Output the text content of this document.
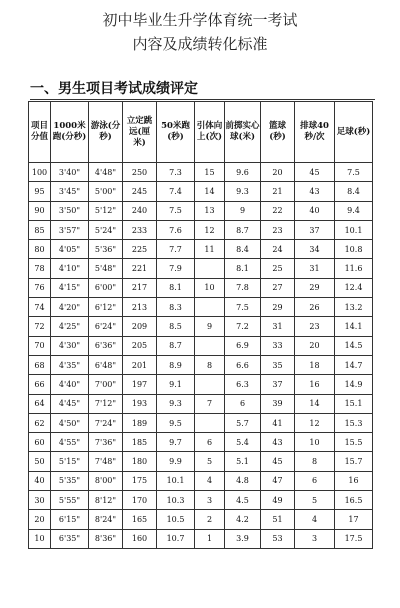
初中毕业生升学体育统一考试
内容及成绩转化标准
一、男生项目考试成绩评定
项目分值	1000米跑(分秒)	游泳(分秒)	立定跳远(厘米)	50米跑(秒)	引体向上(次)	前掷实心球(米)	篮球(秒)	排球40秒/次	足球(秒)
100	3'40"	4'48"	250	7.3	15	9.6	20	45	7.5
95	3'45"	5'00"	245	7.4	14	9.3	21	43	8.4
90	3'50"	5'12"	240	7.5	13	9	22	40	9.4
85	3'57"	5'24"	233	7.6	12	8.7	23	37	10.1
80	4'05"	5'36"	225	7.7	11	8.4	24	34	10.8
78	4'10"	5'48"	221	7.9		8.1	25	31	11.6
76	4'15"	6'00"	217	8.1	10	7.8	27	29	12.4
74	4'20"	6'12"	213	8.3		7.5	29	26	13.2
72	4'25"	6'24"	209	8.5	9	7.2	31	23	14.1
70	4'30"	6'36"	205	8.7		6.9	33	20	14.5
68	4'35"	6'48"	201	8.9	8	6.6	35	18	14.7
66	4'40"	7'00"	197	9.1		6.3	37	16	14.9
64	4'45"	7'12"	193	9.3	7	6	39	14	15.1
62	4'50"	7'24"	189	9.5		5.7	41	12	15.3
60	4'55"	7'36"	185	9.7	6	5.4	43	10	15.5
50	5'15"	7'48"	180	9.9	5	5.1	45	8	15.7
40	5'35"	8'00"	175	10.1	4	4.8	47	6	16
30	5'55"	8'12"	170	10.3	3	4.5	49	5	16.5
20	6'15"	8'24"	165	10.5	2	4.2	51	4	17
10	6'35"	8'36"	160	10.7	1	3.9	53	3	17.5
